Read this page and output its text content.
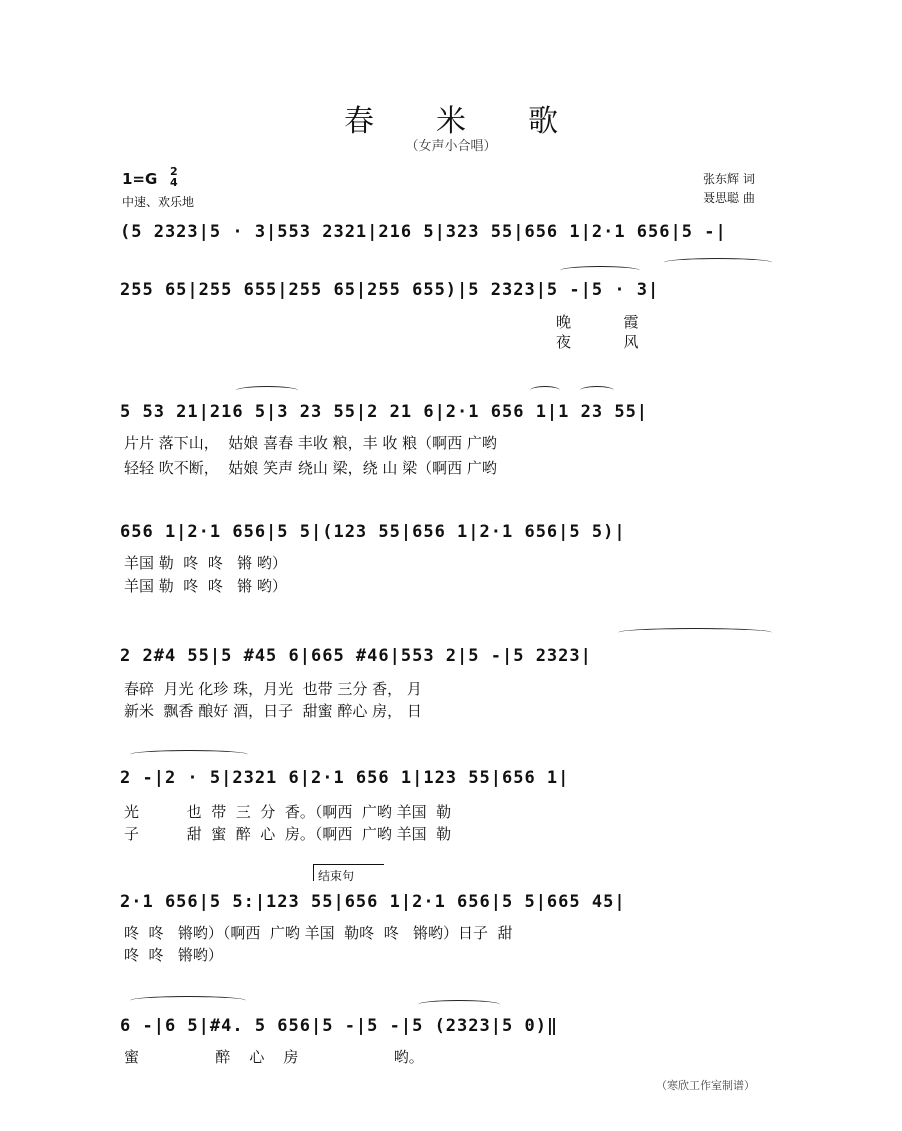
春米歌
（女声小合唱）
1=G 2
4
中速、欢乐地
张东辉 词
聂思聪 曲
(5 2323|5 · 3|553 2321|216 5|323 55|656 1|2·1 656|5 -|
255 65|255 655|255 65|255 655)|5 2323|5 -|5 · 3|
晚           霞
夜           风
5 53 21|216 5|3 23 55|2 21 6|2·1 656 1|1 23 55|
片片 落下山，  姑娘 喜春 丰收 粮，丰 收 粮（啊西 广哟
轻轻 吹不断，  姑娘 笑声 绕山 梁，绕 山 梁（啊西 广哟
656 1|2·1 656|5 5|(123 55|656 1|2·1 656|5 5)|
羊国 勒  咚  咚   锵 哟）
羊国 勒  咚  咚   锵 哟）
2 2#4 55|5 #45 6|665 #46|553 2|5 -|5 2323|
春碎  月光 化珍 珠，月光  也带 三分 香， 月
新米  飘香 酿好 酒，日子  甜蜜 醉心 房， 日
2 -|2 · 5|2321 6|2·1 656 1|123 55|656 1|
光          也  带  三  分  香。（啊西  广哟 羊国  勒
子          甜  蜜  醉  心  房。（啊西  广哟 羊国  勒
结束句
2·1 656|5 5:|123 55|656 1|2·1 656|5 5|665 45|
咚  咚   锵哟）（啊西  广哟 羊国  勒咚  咚   锵哟）日子  甜
咚  咚   锵哟）
6 -|6 5|#4. 5 656|5 -|5 -|5 (2323|5 0)‖
蜜                醉    心    房                    哟。
（寒欣工作室制谱）
